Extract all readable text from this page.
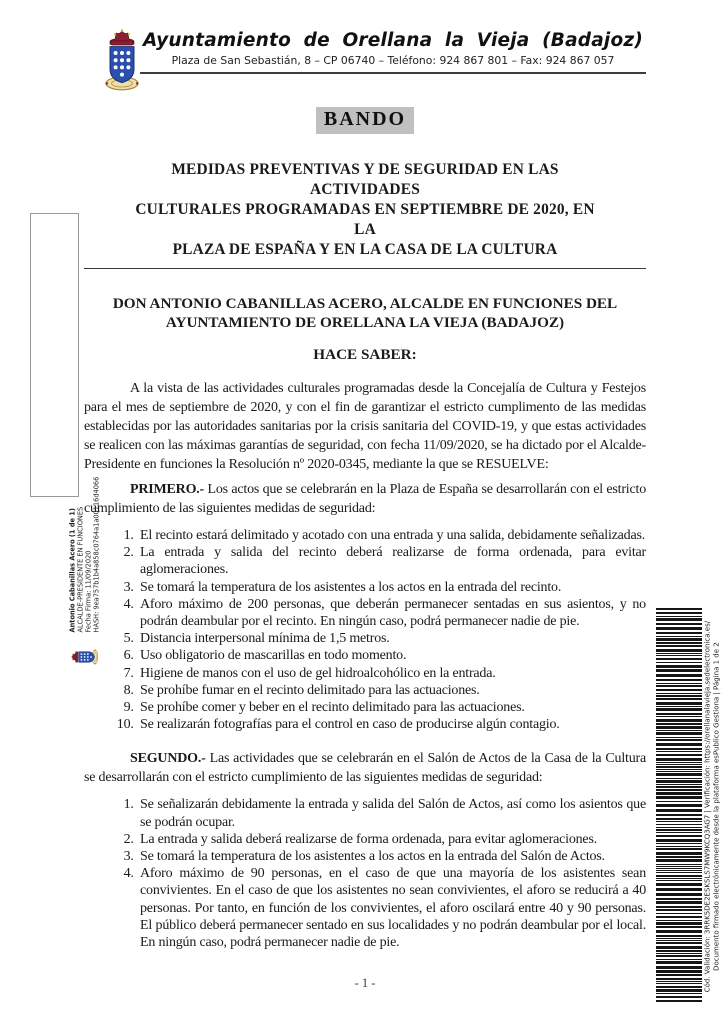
Antonio Cabanillas Acero (1 de 1) ALCALDE-PRESIDENTE EN FUNCIONES Fecha Firma: 11/09/2020 HASH: 9ea757b1b4a858c0764a1a00116d4066
Cód. Validación: 3RRK5DE2ESKSLS7MW9KCQ3AG7 | Verificación: https://orellanalavieja.sedelectronica.es/ Documento firmado electrónicamente desde la plataforma esPublico Gestiona | Página 1 de 2
Ayuntamiento de Orellana la Vieja (Badajoz)
Plaza de San Sebastián, 8 – CP 06740 – Teléfono: 924 867 801 – Fax: 924 867 057
BANDO
MEDIDAS PREVENTIVAS Y DE SEGURIDAD EN LAS ACTIVIDADES
CULTURALES PROGRAMADAS EN SEPTIEMBRE DE 2020, EN LA
PLAZA DE ESPAÑA Y EN LA CASA DE LA CULTURA
DON ANTONIO CABANILLAS ACERO, ALCALDE EN FUNCIONES DEL
AYUNTAMIENTO DE ORELLANA LA VIEJA (BADAJOZ)
HACE SABER:

A la vista de las actividades culturales programadas desde la Concejalía de Cultura y Festejos para el mes de septiembre de 2020, y con el fin de garantizar el estricto cumplimento de las medidas establecidas por las autoridades sanitarias por la crisis sanitaria del COVID-19, y que estas actividades se realicen con las máximas garantías de seguridad, con fecha 11/09/2020, se ha dictado por el Alcalde-Presidente en funciones la Resolución nº 2020-0345, mediante la que se RESUELVE:

PRIMERO.- Los actos que se celebrarán en la Plaza de España se desarrollarán con el estricto cumplimiento de las siguientes medidas de seguridad:

1. El recinto estará delimitado y acotado con una entrada y una salida, debidamente señalizadas.
2. La entrada y salida del recinto deberá realizarse de forma ordenada, para evitar aglomeraciones.
3. Se tomará la temperatura de los asistentes a los actos en la entrada del recinto.
4. Aforo máximo de 200 personas, que deberán permanecer sentadas en sus asientos, y no podrán deambular por el recinto. En ningún caso, podrá permanecer nadie de pie.
5. Distancia interpersonal mínima de 1,5 metros.
6. Uso obligatorio de mascarillas en todo momento.
7. Higiene de manos con el uso de gel hidroalcohólico en la entrada.
8. Se prohíbe fumar en el recinto delimitado para las actuaciones.
9. Se prohíbe comer y beber en el recinto delimitado para las actuaciones.
10. Se realizarán fotografías para el control en caso de producirse algún contagio.

SEGUNDO.- Las actividades que se celebrarán en el Salón de Actos de la Casa de la Cultura se desarrollarán con el estricto cumplimiento de las siguientes medidas de seguridad:

1. Se señalizarán debidamente la entrada y salida del Salón de Actos, así como los asientos que se podrán ocupar.
2. La entrada y salida deberá realizarse de forma ordenada, para evitar aglomeraciones.
3. Se tomará la temperatura de los asistentes a los actos en la entrada del Salón de Actos.
4. Aforo máximo de 90 personas, en el caso de que una mayoría de los asistentes sean convivientes. En el caso de que los asistentes no sean convivientes, el aforo se reducirá a 40 personas. Por tanto, en función de los convivientes, el aforo oscilará entre 40 y 90 personas. El público deberá permanecer sentado en sus localidades y no podrán deambular por el local. En ningún caso, podrá permanecer nadie de pie.
- 1 -
